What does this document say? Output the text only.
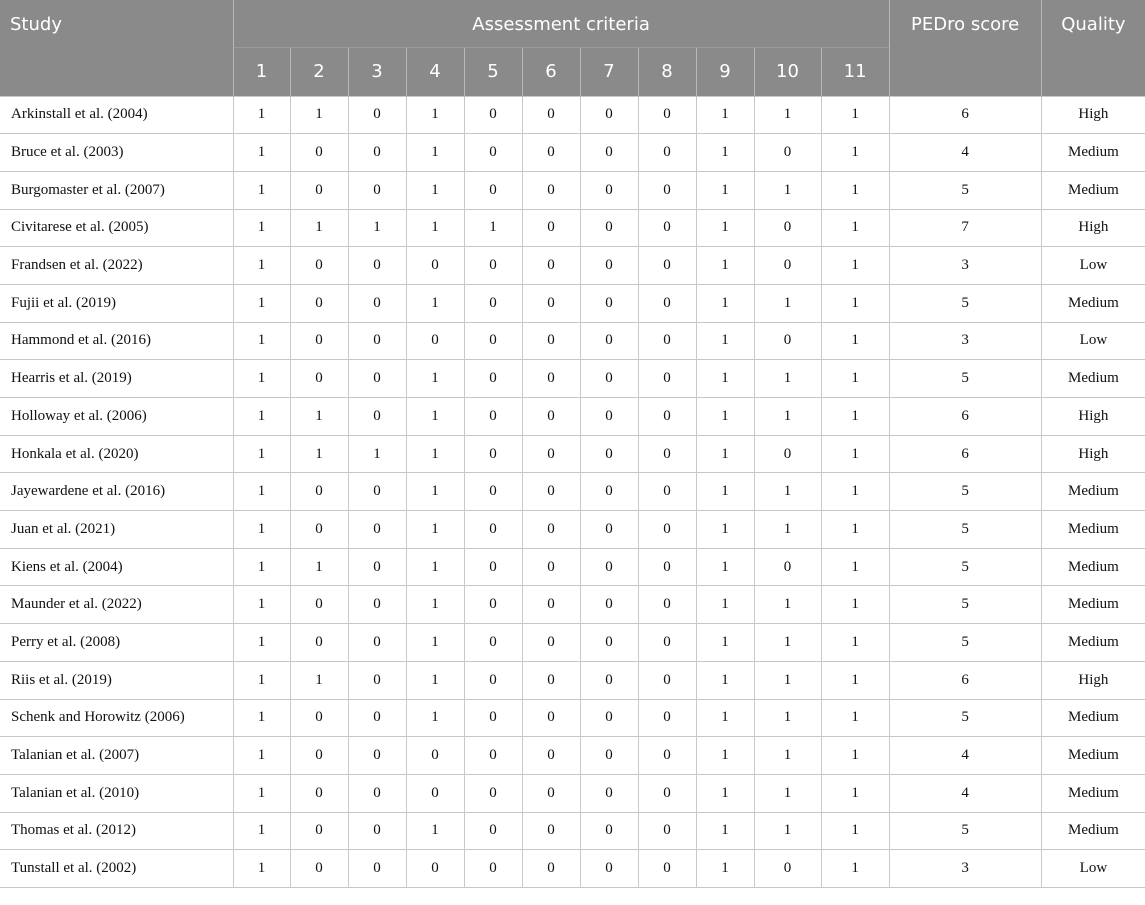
Study	Assessment criteria											PEDro score	Quality
	1	2	3	4	5	6	7	8	9	10	11		
Arkinstall et al. (2004)	1	1	0	1	0	0	0	0	1	1	1	6	High
Bruce et al. (2003)	1	0	0	1	0	0	0	0	1	0	1	4	Medium
Burgomaster et al. (2007)	1	0	0	1	0	0	0	0	1	1	1	5	Medium
Civitarese et al. (2005)	1	1	1	1	1	0	0	0	1	0	1	7	High
Frandsen et al. (2022)	1	0	0	0	0	0	0	0	1	0	1	3	Low
Fujii et al. (2019)	1	0	0	1	0	0	0	0	1	1	1	5	Medium
Hammond et al. (2016)	1	0	0	0	0	0	0	0	1	0	1	3	Low
Hearris et al. (2019)	1	0	0	1	0	0	0	0	1	1	1	5	Medium
Holloway et al. (2006)	1	1	0	1	0	0	0	0	1	1	1	6	High
Honkala et al. (2020)	1	1	1	1	0	0	0	0	1	0	1	6	High
Jayewardene et al. (2016)	1	0	0	1	0	0	0	0	1	1	1	5	Medium
Juan et al. (2021)	1	0	0	1	0	0	0	0	1	1	1	5	Medium
Kiens et al. (2004)	1	1	0	1	0	0	0	0	1	0	1	5	Medium
Maunder et al. (2022)	1	0	0	1	0	0	0	0	1	1	1	5	Medium
Perry et al. (2008)	1	0	0	1	0	0	0	0	1	1	1	5	Medium
Riis et al. (2019)	1	1	0	1	0	0	0	0	1	1	1	6	High
Schenk and Horowitz (2006)	1	0	0	1	0	0	0	0	1	1	1	5	Medium
Talanian et al. (2007)	1	0	0	0	0	0	0	0	1	1	1	4	Medium
Talanian et al. (2010)	1	0	0	0	0	0	0	0	1	1	1	4	Medium
Thomas et al. (2012)	1	0	0	1	0	0	0	0	1	1	1	5	Medium
Tunstall et al. (2002)	1	0	0	0	0	0	0	0	1	0	1	3	Low
